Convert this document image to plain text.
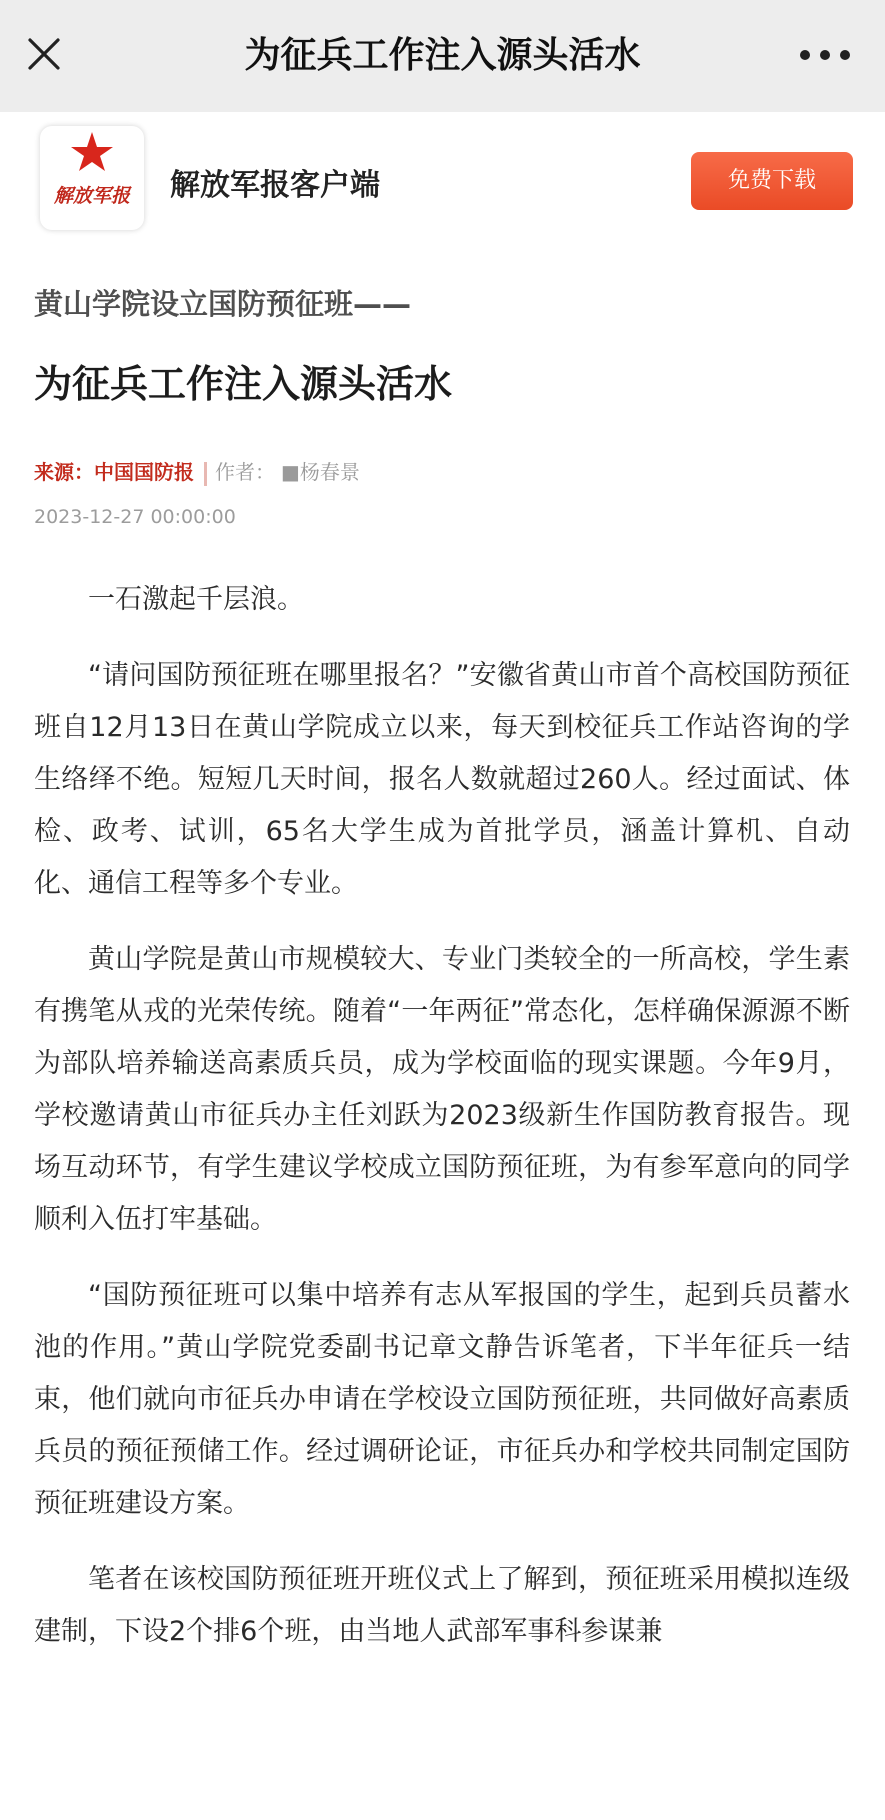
为征兵工作注入源头活水
解放军报 解放军报客户端	免费下载
黄山学院设立国防预征班——
为征兵工作注入源头活水
来源：中国国防报 作者： ■杨春景
2023-12-27 00:00:00

一石激起千层浪。

“请问国防预征班在哪里报名？”安徽省黄山市首个高校国防预征班自12月13日在黄山学院成立以来，每天到校征兵工作站咨询的学生络绎不绝。短短几天时间，报名人数就超过260人。经过面试、体检、政考、试训，65名大学生成为首批学员，涵盖计算机、自动化、通信工程等多个专业。

黄山学院是黄山市规模较大、专业门类较全的一所高校，学生素有携笔从戎的光荣传统。随着“一年两征”常态化，怎样确保源源不断为部队培养输送高素质兵员，成为学校面临的现实课题。今年9月，学校邀请黄山市征兵办主任刘跃为2023级新生作国防教育报告。现场互动环节，有学生建议学校成立国防预征班，为有参军意向的同学顺利入伍打牢基础。

“国防预征班可以集中培养有志从军报国的学生，起到兵员蓄水池的作用。”黄山学院党委副书记章文静告诉笔者，下半年征兵一结束，他们就向市征兵办申请在学校设立国防预征班，共同做好高素质兵员的预征预储工作。经过调研论证，市征兵办和学校共同制定国防预征班建设方案。

笔者在该校国防预征班开班仪式上了解到，预征班采用模拟连级建制，下设2个排6个班，由当地人武部军事科参谋兼
